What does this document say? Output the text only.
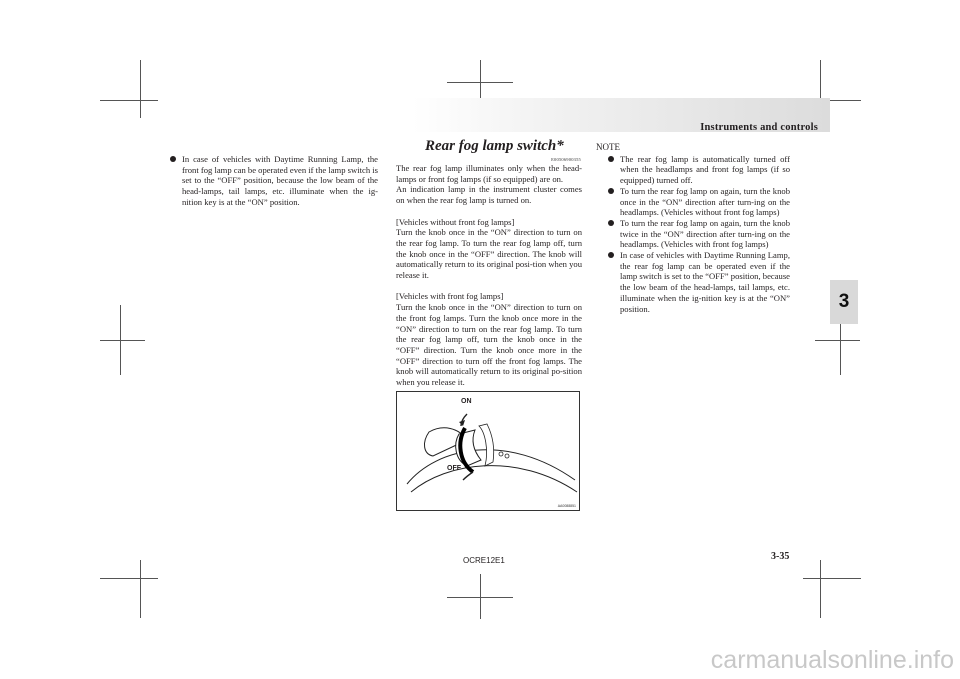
Instruments and controls
3
In case of vehicles with Daytime Running Lamp, the front fog lamp can be operated even if the lamp switch is set to the “OFF” position, because the low beam of the head-lamps, tail lamps, etc. illuminate when the ig-nition key is at the “ON” position.
Rear fog lamp switch*
E00506900355

The rear fog lamp illuminates only when the head-lamps or front fog lamps (if so equipped) are on.

An indication lamp in the instrument cluster comes on when the rear fog lamp is turned on.

[Vehicles without front fog lamps]

Turn the knob once in the “ON” direction to turn on the rear fog lamp. To turn the rear fog lamp off, turn the knob once in the “OFF” direction. The knob will automatically return to its original posi-tion when you release it.

[Vehicles with front fog lamps]

Turn the knob once in the “ON” direction to turn on the front fog lamps. Turn the knob once more in the “ON” direction to turn on the rear fog lamp. To turn the rear fog lamp off, turn the knob once in the “OFF” direction. Turn the knob once more in the “OFF” direction to turn off the front fog lamps. The knob will automatically return to its original po-sition when you release it.

ON
OFF
AA0088851
NOTE
The rear fog lamp is automatically turned off when the headlamps and front fog lamps (if so equipped) turned off.
To turn the rear fog lamp on again, turn the knob once in the “ON” direction after turn-ing on the headlamps. (Vehicles without front fog lamps)
To turn the rear fog lamp on again, turn the knob twice in the “ON” direction after turn-ing on the headlamps. (Vehicles with front fog lamps)
In case of vehicles with Daytime Running Lamp, the rear fog lamp can be operated even if the lamp switch is set to the “OFF” position, because the low beam of the head-lamps, tail lamps, etc. illuminate when the ig-nition key is at the “ON” position.
OCRE12E1	3-35
carmanualsonline.info
